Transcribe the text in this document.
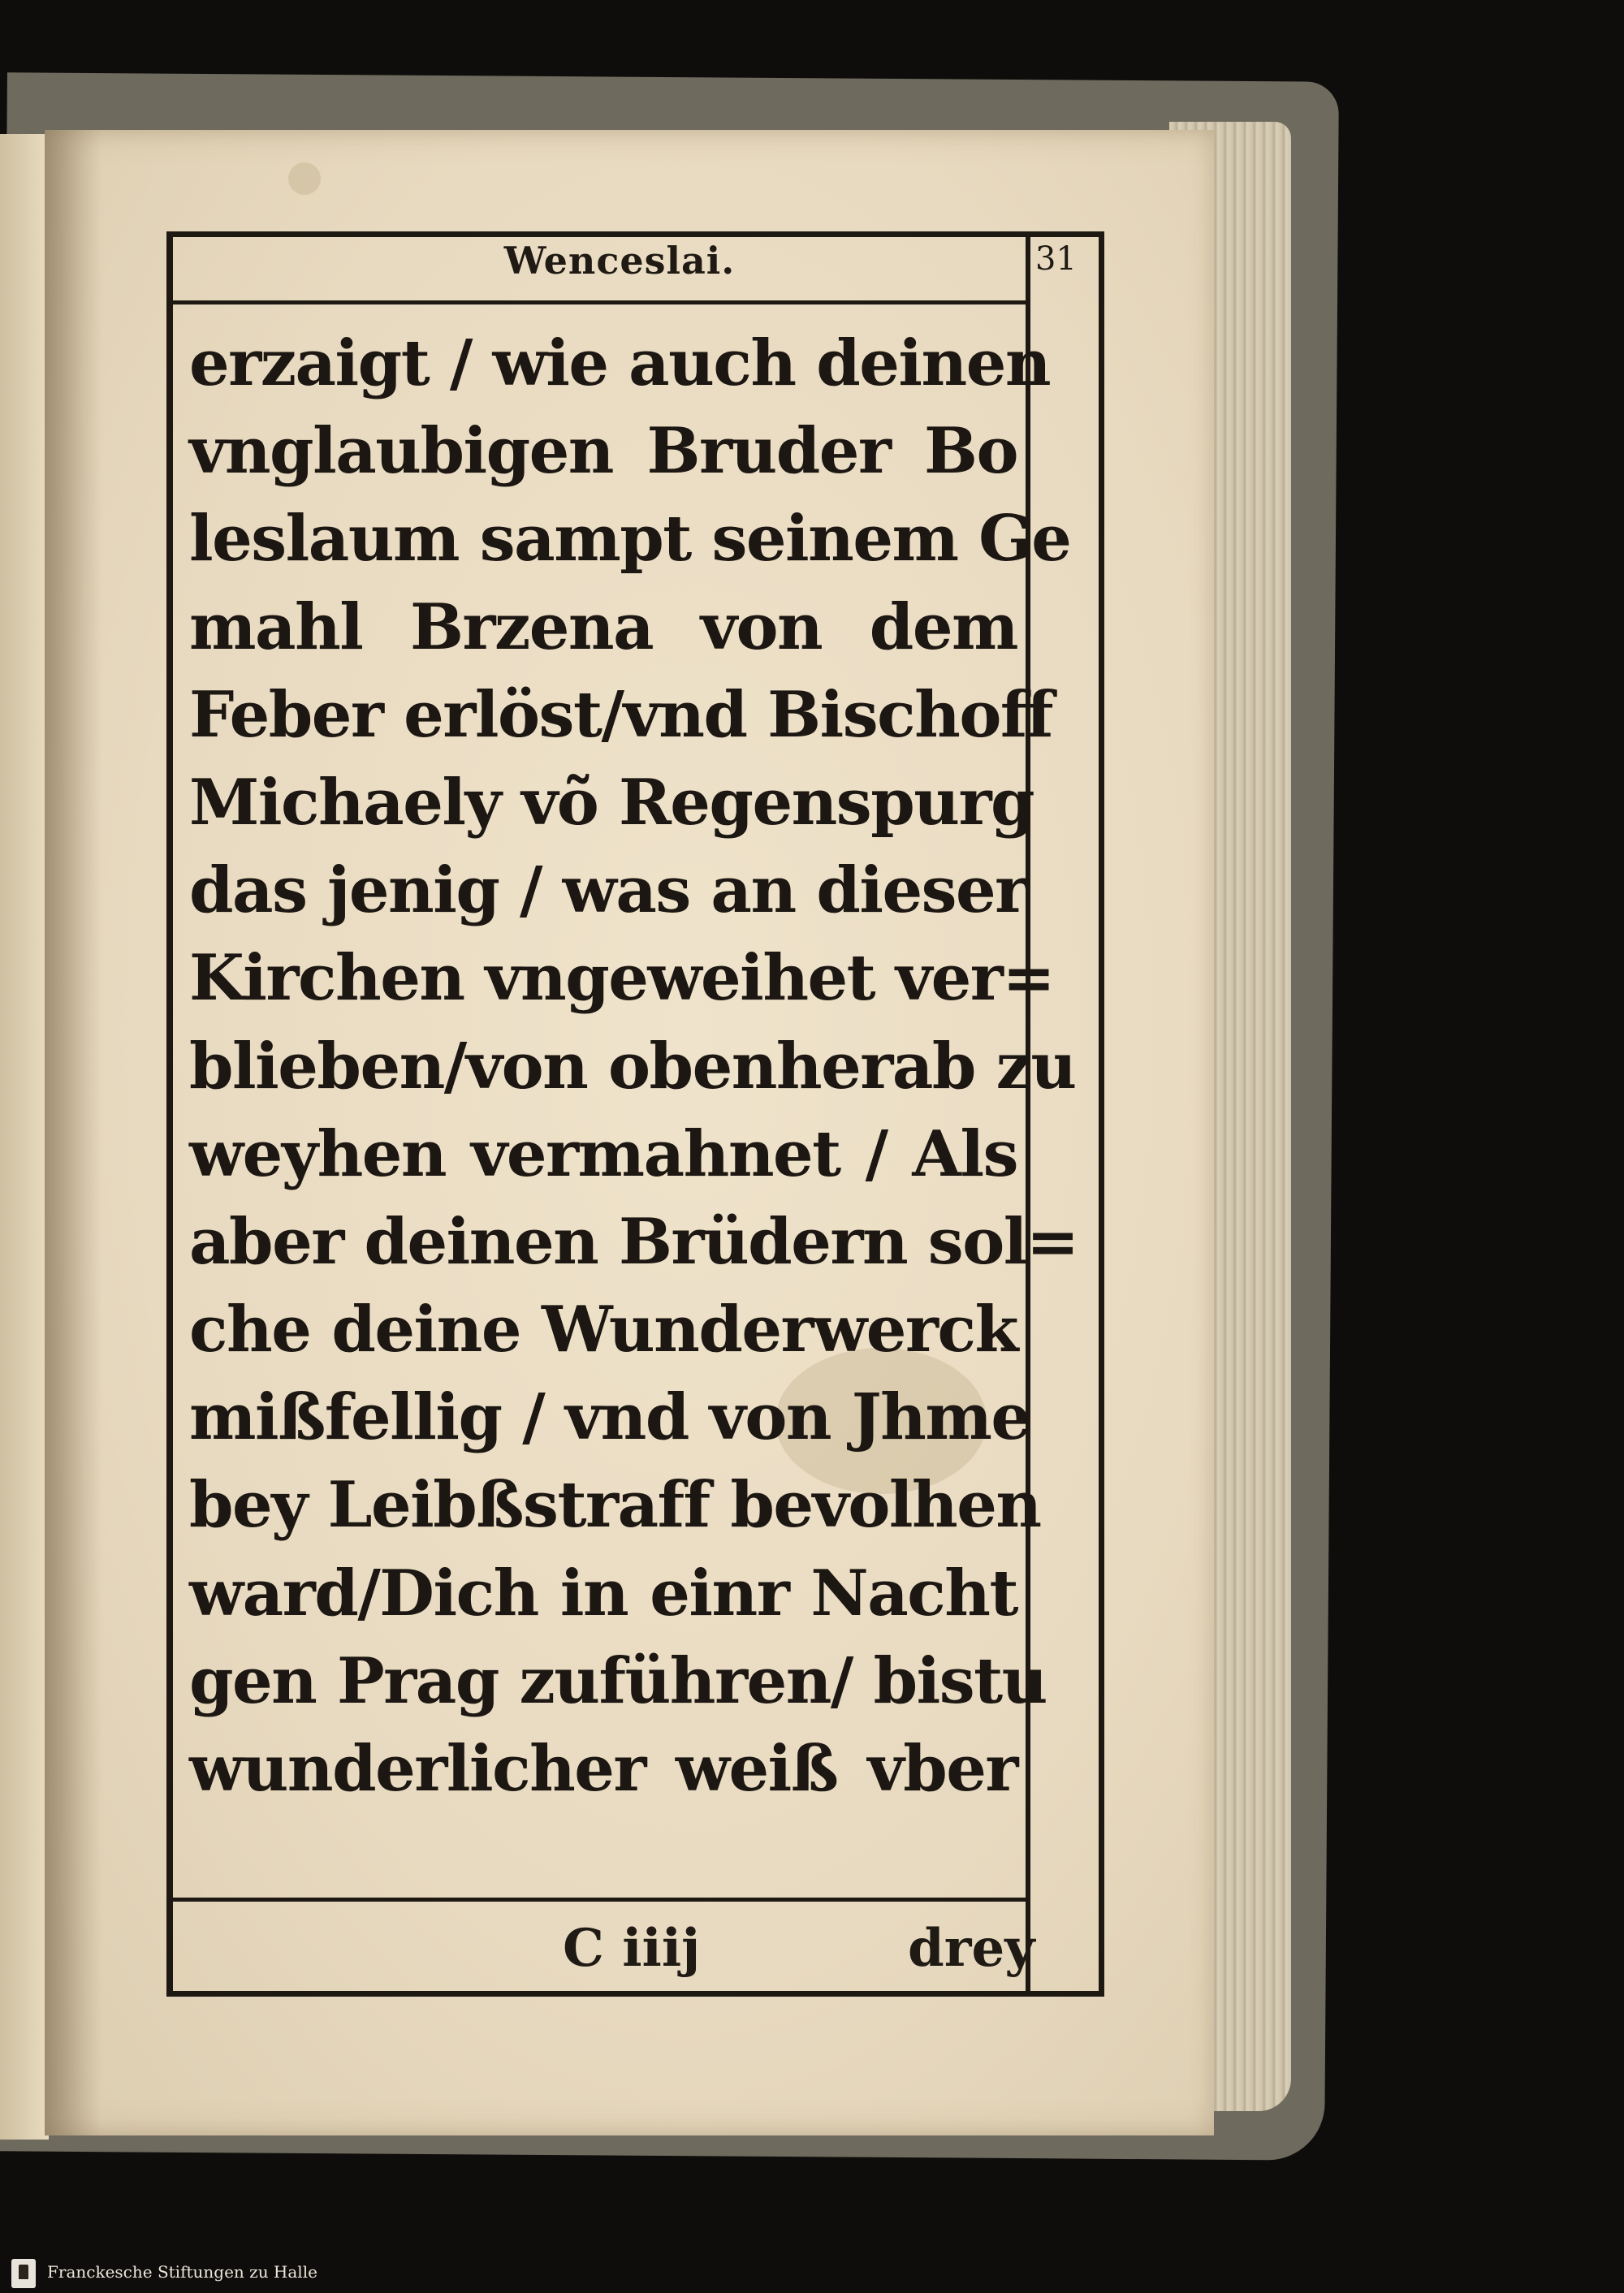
Wenceslai.	31
erzaigt / wie auch deinen
vnglaubigen Bruder Bo
leslaum sampt seinem Ge
mahl Brzena von dem
Feber erlöst/vnd Bischoff
Michaely võ Regenspurg
das jenig / was an dieser
Kirchen vngeweihet ver=
blieben/von obenherab zu
weyhen vermahnet / Als
aber deinen Brüdern sol=
che deine Wunderwerck
mißfellig / vnd von Jhme
bey Leibßstraff bevolhen
ward/Dich in einr Nacht
gen Prag zuführen/ bistu
wunderlicher weiß vber
C iiij	drey
Franckesche Stiftungen zu Halle
